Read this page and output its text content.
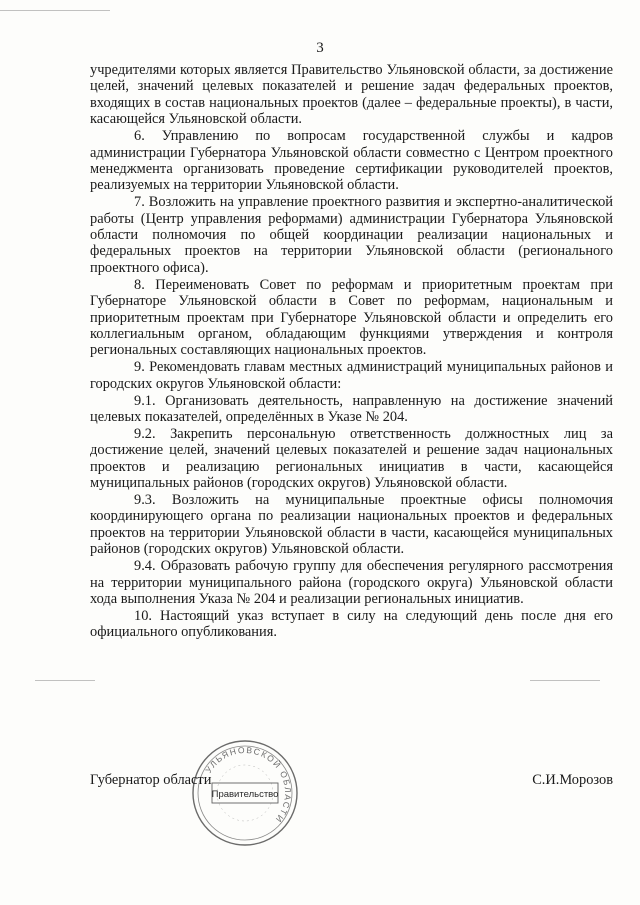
3

учредителями которых является Правительство Ульяновской области, за достижение целей, значений целевых показателей и решение задач федеральных проектов, входящих в состав национальных проектов (далее – федеральные проекты), в части, касающейся Ульяновской области.

6. Управлению по вопросам государственной службы и кадров администрации Губернатора Ульяновской области совместно с Центром проектного менеджмента организовать проведение сертификации руководителей проектов, реализуемых на территории Ульяновской области.

7. Возложить на управление проектного развития и экспертно-аналитической работы (Центр управления реформами) администрации Губернатора Ульяновской области полномочия по общей координации реализации национальных и федеральных проектов на территории Ульяновской области (регионального проектного офиса).

8. Переименовать Совет по реформам и приоритетным проектам при Губернаторе Ульяновской области в Совет по реформам, национальным и приоритетным проектам при Губернаторе Ульяновской области и определить его коллегиальным органом, обладающим функциями утверждения и контроля региональных составляющих национальных проектов.

9. Рекомендовать главам местных администраций муниципальных районов и городских округов Ульяновской области:

9.1. Организовать деятельность, направленную на достижение значений целевых показателей, определённых в Указе № 204.

9.2. Закрепить персональную ответственность должностных лиц за достижение целей, значений целевых показателей и решение задач национальных проектов и реализацию региональных инициатив в части, касающейся муниципальных районов (городских округов) Ульяновской области.

9.3. Возложить на муниципальные проектные офисы полномочия координирующего органа по реализации национальных проектов и федеральных проектов на территории Ульяновской области в части, касающейся муниципальных районов (городских округов) Ульяновской области.

9.4. Образовать рабочую группу для обеспечения регулярного рассмотрения на территории муниципального района (городского округа) Ульяновской области хода выполнения Указа № 204 и реализации региональных инициатив.

10. Настоящий указ вступает в силу на следующий день после дня его официального опубликования.

УЛЬЯНОВСКОЙ ОБЛАСТИ
Правительство
Губернатор области	С.И.Морозов
